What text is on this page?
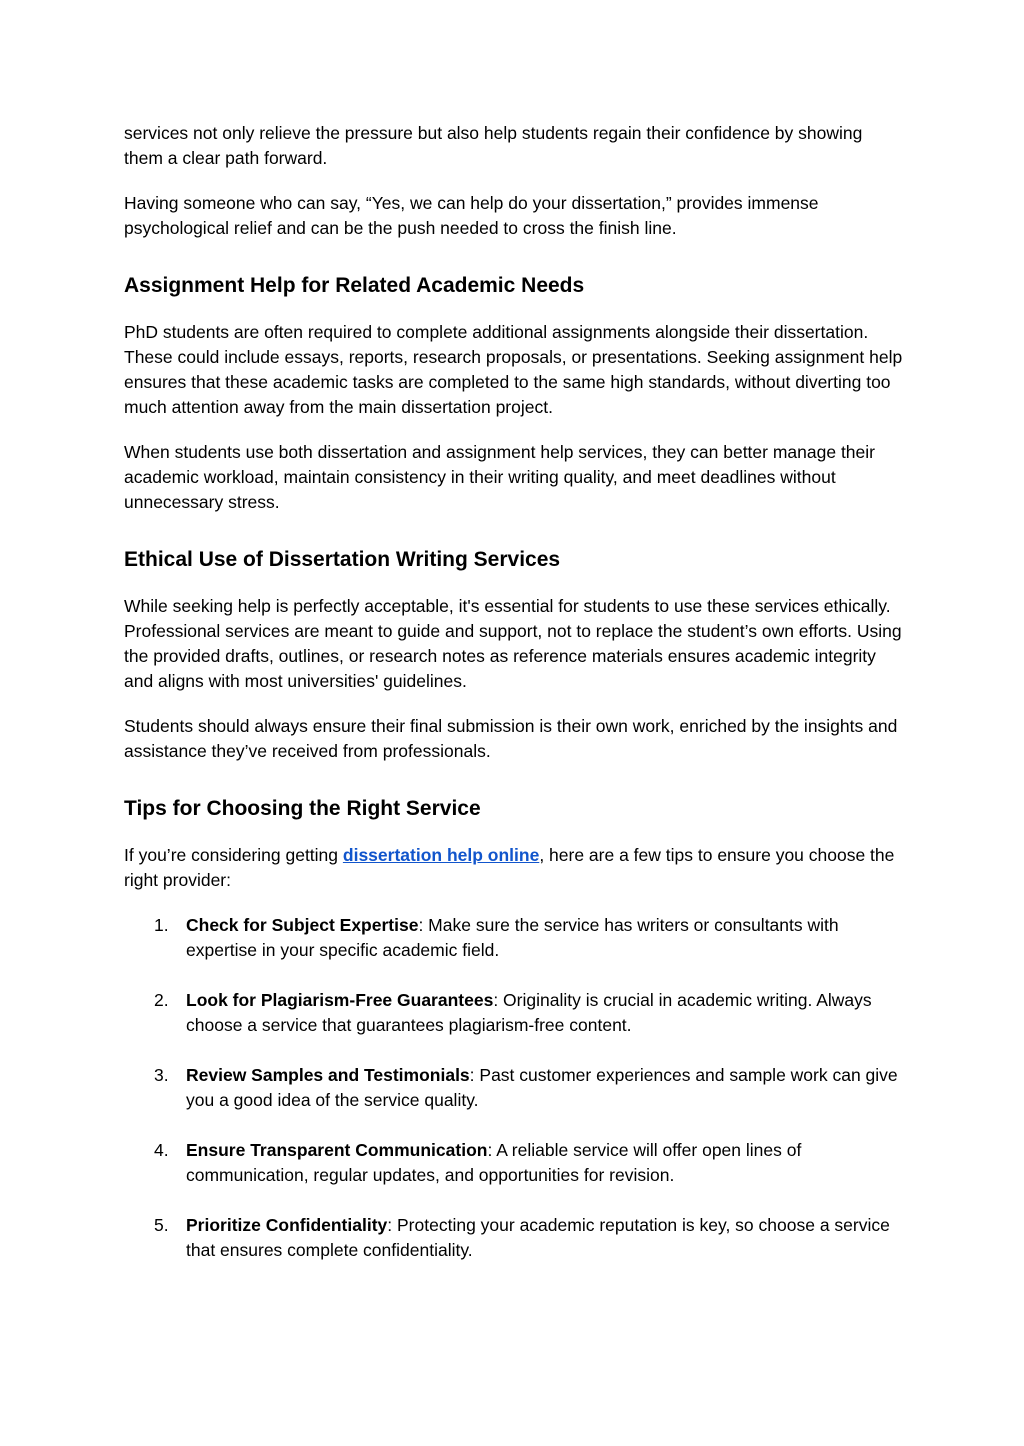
services not only relieve the pressure but also help students regain their confidence by showing them a clear path forward.

Having someone who can say, “Yes, we can help do your dissertation,” provides immense psychological relief and can be the push needed to cross the finish line.

Assignment Help for Related Academic Needs

PhD students are often required to complete additional assignments alongside their dissertation. These could include essays, reports, research proposals, or presentations. Seeking assignment help ensures that these academic tasks are completed to the same high standards, without diverting too much attention away from the main dissertation project.

When students use both dissertation and assignment help services, they can better manage their academic workload, maintain consistency in their writing quality, and meet deadlines without unnecessary stress.

Ethical Use of Dissertation Writing Services

While seeking help is perfectly acceptable, it's essential for students to use these services ethically. Professional services are meant to guide and support, not to replace the student’s own efforts. Using the provided drafts, outlines, or research notes as reference materials ensures academic integrity and aligns with most universities' guidelines.

Students should always ensure their final submission is their own work, enriched by the insights and assistance they’ve received from professionals.

Tips for Choosing the Right Service

If you’re considering getting dissertation help online, here are a few tips to ensure you choose the right provider:

1. Check for Subject Expertise: Make sure the service has writers or consultants with expertise in your specific academic field.
2. Look for Plagiarism-Free Guarantees: Originality is crucial in academic writing. Always choose a service that guarantees plagiarism-free content.
3. Review Samples and Testimonials: Past customer experiences and sample work can give you a good idea of the service quality.
4. Ensure Transparent Communication: A reliable service will offer open lines of communication, regular updates, and opportunities for revision.
5. Prioritize Confidentiality: Protecting your academic reputation is key, so choose a service that ensures complete confidentiality.
